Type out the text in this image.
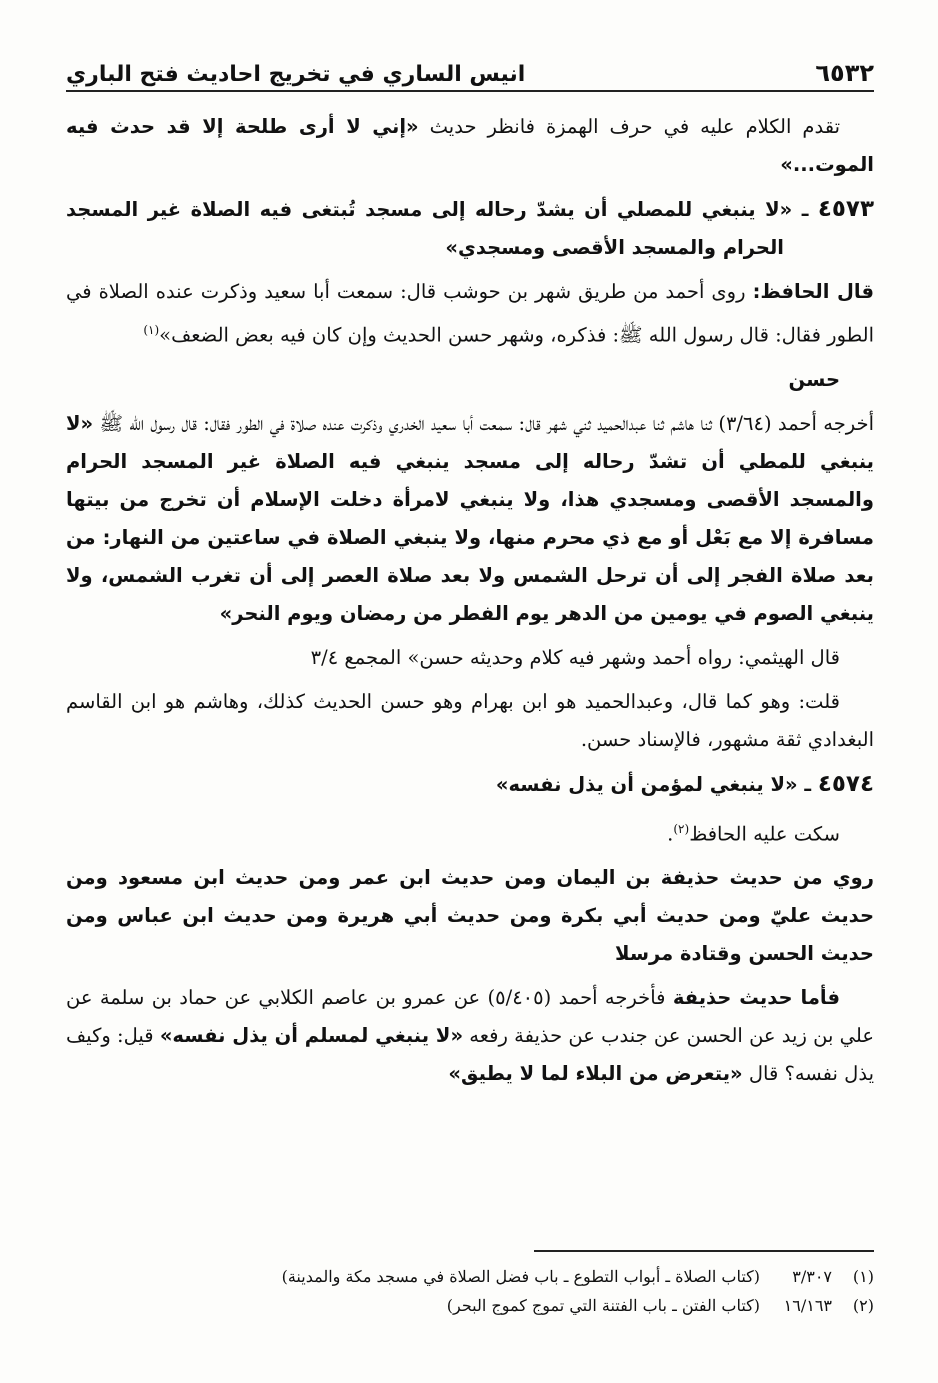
انيس الساري في تخريج احاديث فتح الباري	٦٥٣٢

تقدم الكلام عليه في حرف الهمزة فانظر حديث «إني لا أرى طلحة إلا قد حدث فيه الموت...»

٤٥٧٣ ـ «لا ينبغي للمصلي أن يشدّ رحاله إلى مسجد تُبتغى فيه الصلاة غير المسجد الحرام والمسجد الأقصى ومسجدي»

قال الحافظ: روى أحمد من طريق شهر بن حوشب قال: سمعت أبا سعيد وذكرت عنده الصلاة في الطور فقال: قال رسول الله ﷺ: فذكره، وشهر حسن الحديث وإن كان فيه بعض الضعف»$^{(١)}$

حسن

أخرجه أحمد (٣/٦٤) ثنا هاشم ثنا عبدالحميد ثني شهر قال: سمعت أبا سعيد الخدري وذكرت عنده صلاة في الطور فقال: قال رسول الله ﷺ «لا ينبغي للمطي أن تشدّ رحاله إلى مسجد ينبغي فيه الصلاة غير المسجد الحرام والمسجد الأقصى ومسجدي هذا، ولا ينبغي لامرأة دخلت الإسلام أن تخرج من بيتها مسافرة إلا مع بَعْل أو مع ذي محرم منها، ولا ينبغي الصلاة في ساعتين من النهار: من بعد صلاة الفجر إلى أن ترحل الشمس ولا بعد صلاة العصر إلى أن تغرب الشمس، ولا ينبغي الصوم في يومين من الدهر يوم الفطر من رمضان ويوم النحر»

قال الهيثمي: رواه أحمد وشهر فيه كلام وحديثه حسن» المجمع ٣/٤

قلت: وهو كما قال، وعبدالحميد هو ابن بهرام وهو حسن الحديث كذلك، وهاشم هو ابن القاسم البغدادي ثقة مشهور، فالإسناد حسن.

٤٥٧٤ ـ «لا ينبغي لمؤمن أن يذل نفسه»

سكت عليه الحافظ$^{(٢)}$.

روي من حديث حذيفة بن اليمان ومن حديث ابن عمر ومن حديث ابن مسعود ومن حديث عليّ ومن حديث أبي بكرة ومن حديث أبي هريرة ومن حديث ابن عباس ومن حديث الحسن وقتادة مرسلا

فأما حديث حذيفة فأخرجه أحمد (٥/٤٠٥) عن عمرو بن عاصم الكلابي عن حماد بن سلمة عن علي بن زيد عن الحسن عن جندب عن حذيفة رفعه «لا ينبغي لمسلم أن يذل نفسه» قيل: وكيف يذل نفسه؟ قال «يتعرض من البلاء لما لا يطيق»

(١)
٣/٣٠٧
(كتاب الصلاة ـ أبواب التطوع ـ باب فضل الصلاة في مسجد مكة والمدينة)
(٢)
١٦/١٦٣
(كتاب الفتن ـ باب الفتنة التي تموج كموج البحر)
